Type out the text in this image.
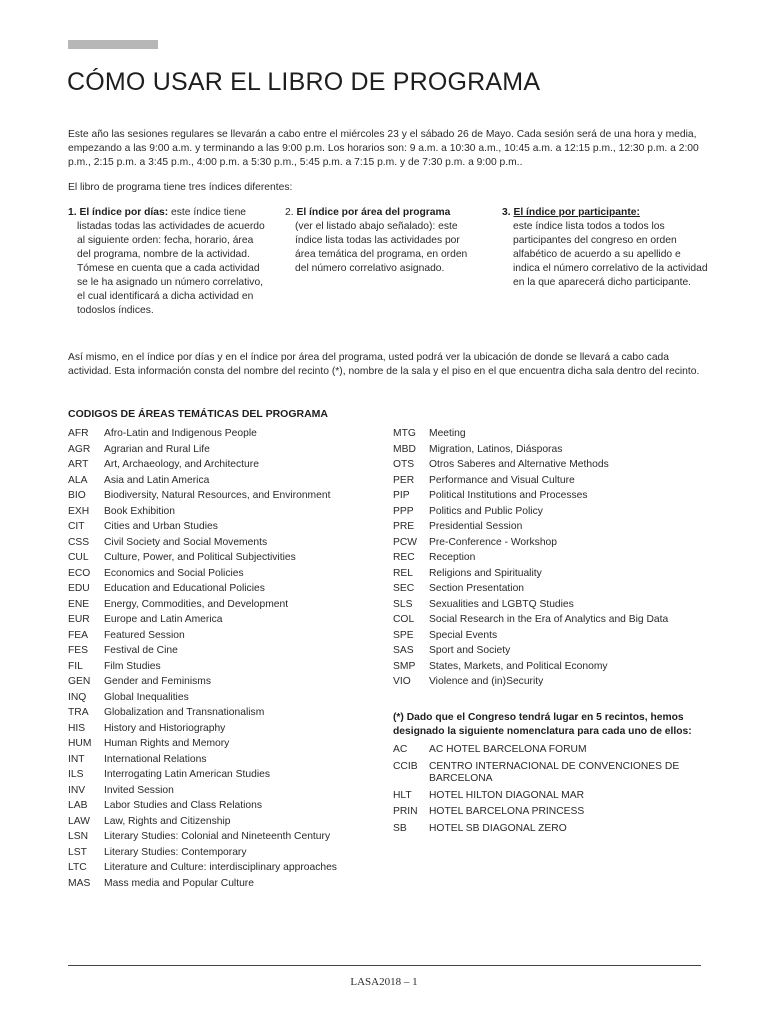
CÓMO USAR EL LIBRO DE PROGRAMA

Este año las sesiones regulares se llevarán a cabo entre el miércoles 23 y el sábado 26 de Mayo. Cada sesión será de una hora y media, empezando a las 9:00 a.m. y terminando a las 9:00 p.m. Los horarios son: 9 a.m. a 10:30 a.m., 10:45 a.m. a 12:15 p.m., 12:30 p.m. a 2:00 p.m., 2:15 p.m. a 3:45 p.m., 4:00 p.m. a 5:30 p.m., 5:45 p.m. a 7:15 p.m. y de 7:30 p.m. a 9:00 p.m..

El libro de programa tiene tres índices diferentes:

1. El índice por días: este índice tiene
listadas todas las actividades de acuerdo al siguiente orden: fecha, horario, área del programa, nombre de la actividad. Tómese en cuenta que a cada actividad se le ha asignado un número correlativo, el cual identificará a dicha actividad en todoslos índices.
2. El índice por área del programa
(ver el listado abajo señalado): este índice lista todas las actividades por área temática del programa, en orden del número correlativo asignado.
3. El índice por participante:
este índice lista todos a todos los participantes del congreso en orden alfabético de acuerdo a su apellido e indica el número correlativo de la actividad en la que aparecerá dicho participante.

Así mismo, en el índice por días y en el índice por área del programa, usted podrá ver la ubicación de donde se llevará a cabo cada actividad. Esta información consta del nombre del recinto (*), nombre de la sala y el piso en el que encuentra dicha sala dentro del recinto.

CODIGOS DE ÁREAS TEMÁTICAS DEL PROGRAMA
AFR Afro-Latin and Indigenous People
AGR Agrarian and Rural Life
ART Art, Archaeology, and Architecture
ALA Asia and Latin America
BIO Biodiversity, Natural Resources, and Environment
EXH Book Exhibition
CIT Cities and Urban Studies
CSS Civil Society and Social Movements
CUL Culture, Power, and Political Subjectivities
ECO Economics and Social Policies
EDU Education and Educational Policies
ENE Energy, Commodities, and Development
EUR Europe and Latin America
FEA Featured Session
FES Festival de Cine
FIL Film Studies
GEN Gender and Feminisms
INQ Global Inequalities
TRA Globalization and Transnationalism
HIS History and Historiography
HUM Human Rights and Memory
INT International Relations
ILS Interrogating Latin American Studies
INV Invited Session
LAB Labor Studies and Class Relations
LAW Law, Rights and Citizenship
LSN Literary Studies: Colonial and Nineteenth Century
LST Literary Studies: Contemporary
LTC Literature and Culture: interdisciplinary approaches
MAS Mass media and Popular Culture
MTG Meeting
MBD Migration, Latinos, Diásporas
OTS Otros Saberes and Alternative Methods
PER Performance and Visual Culture
PIP Political Institutions and Processes
PPP Politics and Public Policy
PRE Presidential Session
PCW Pre-Conference - Workshop
REC Reception
REL Religions and Spirituality
SEC Section Presentation
SLS Sexualities and LGBTQ Studies
COL Social Research in the Era of Analytics and Big Data
SPE Special Events
SAS Sport and Society
SMP States, Markets, and Political Economy
VIO Violence and (in)Security

(*) Dado que el Congreso tendrá lugar en 5 recintos, hemos designado la siguiente nomenclatura para cada uno de ellos:

AC	AC HOTEL BARCELONA FORUM
CCIB	CENTRO INTERNACIONAL DE CONVENCIONES DE BARCELONA
HLT	HOTEL HILTON DIAGONAL MAR
PRIN	HOTEL BARCELONA PRINCESS
SB	HOTEL SB DIAGONAL ZERO
LASA2018 – 1
